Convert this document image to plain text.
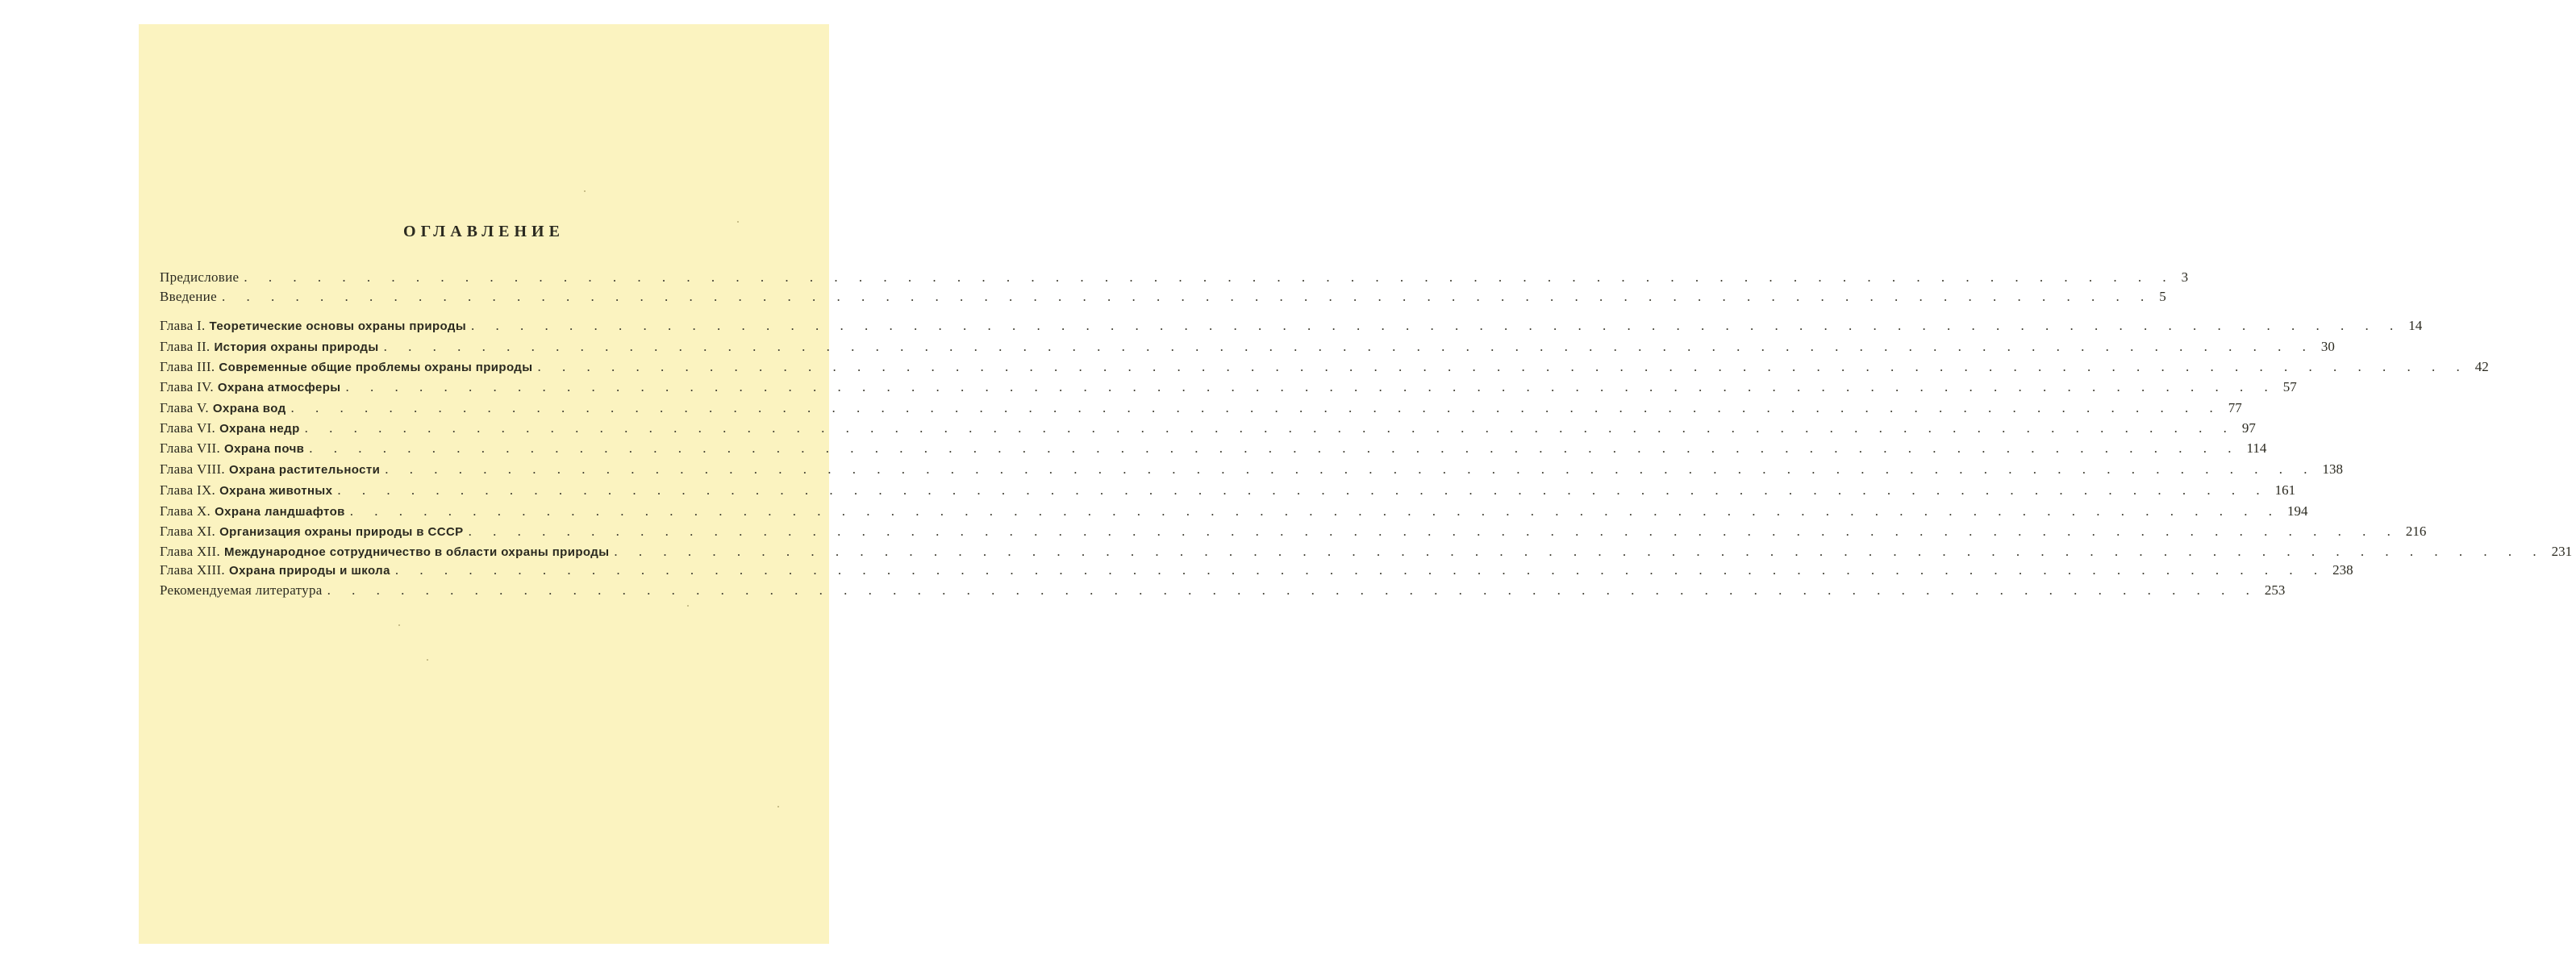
ОГЛАВЛЕНИЕ
Предисловие . . .	3
Введение . . .	5
Глава I. Теоретические основы охраны природы . . .	14
Глава II. История охраны природы . . .	30
Глава III. Современные общие проблемы охраны природы . . .	42
Глава IV. Охрана атмосферы . . .	57
Глава V. Охрана вод . . .	77
Глава VI. Охрана недр . . .	97
Глава VII. Охрана почв . . .	114
Глава VIII. Охрана растительности . . .	138
Глава IX. Охрана животных . . .	161
Глава X. Охрана ландшафтов . . .	194
Глава XI. Организация охраны природы в СССР . . .	216
Глава XII. Международное сотрудничество в области охраны природы . . .	231
Глава XIII. Охрана природы и школа . . .	238
Рекомендуемая литература . . .	253
